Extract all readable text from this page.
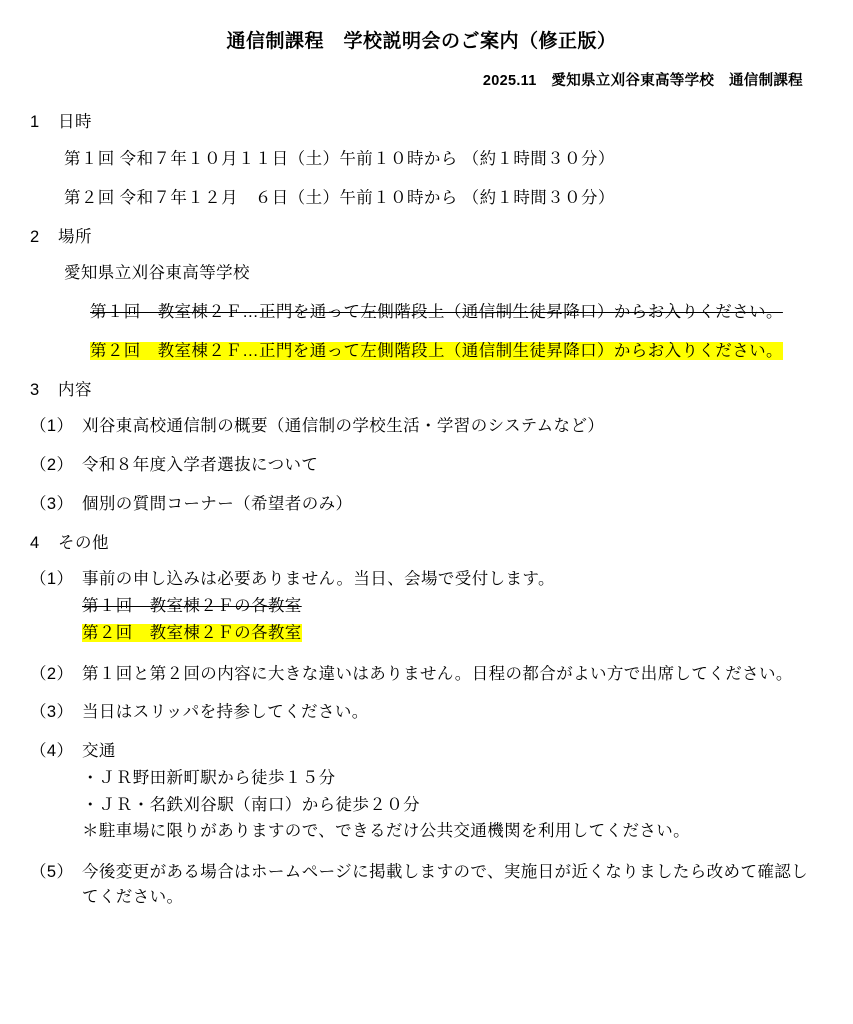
通信制課程　学校説明会のご案内（修正版）
2025.11　愛知県立刈谷東高等学校　通信制課程
1 日時
第１回 令和７年１０月１１日（土）午前１０時から （約１時間３０分）
第２回 令和７年１２月　６日（土）午前１０時から （約１時間３０分）
2 場所
愛知県立刈谷東高等学校
第１回　教室棟２Ｆ…正門を通って左側階段上（通信制生徒昇降口）からお入りください。
第２回　教室棟２Ｆ…正門を通って左側階段上（通信制生徒昇降口）からお入りください。
3 内容
（1） 刈谷東高校通信制の概要（通信制の学校生活・学習のシステムなど）
（2） 令和８年度入学者選抜について
（3） 個別の質問コーナー（希望者のみ）
4 その他
（1） 事前の申し込みは必要ありません。当日、会場で受付します。
第１回　教室棟２Ｆの各教室
第２回　教室棟２Ｆの各教室
（2） 第１回と第２回の内容に大きな違いはありません。日程の都合がよい方で出席してください。
（3） 当日はスリッパを持参してください。
（4） 交通
・ＪＲ野田新町駅から徒歩１５分
・ＪＲ・名鉄刈谷駅（南口）から徒歩２０分
＊駐車場に限りがありますので、できるだけ公共交通機関を利用してください。
（5） 今後変更がある場合はホームページに掲載しますので、実施日が近くなりましたら改めて確認してください。
